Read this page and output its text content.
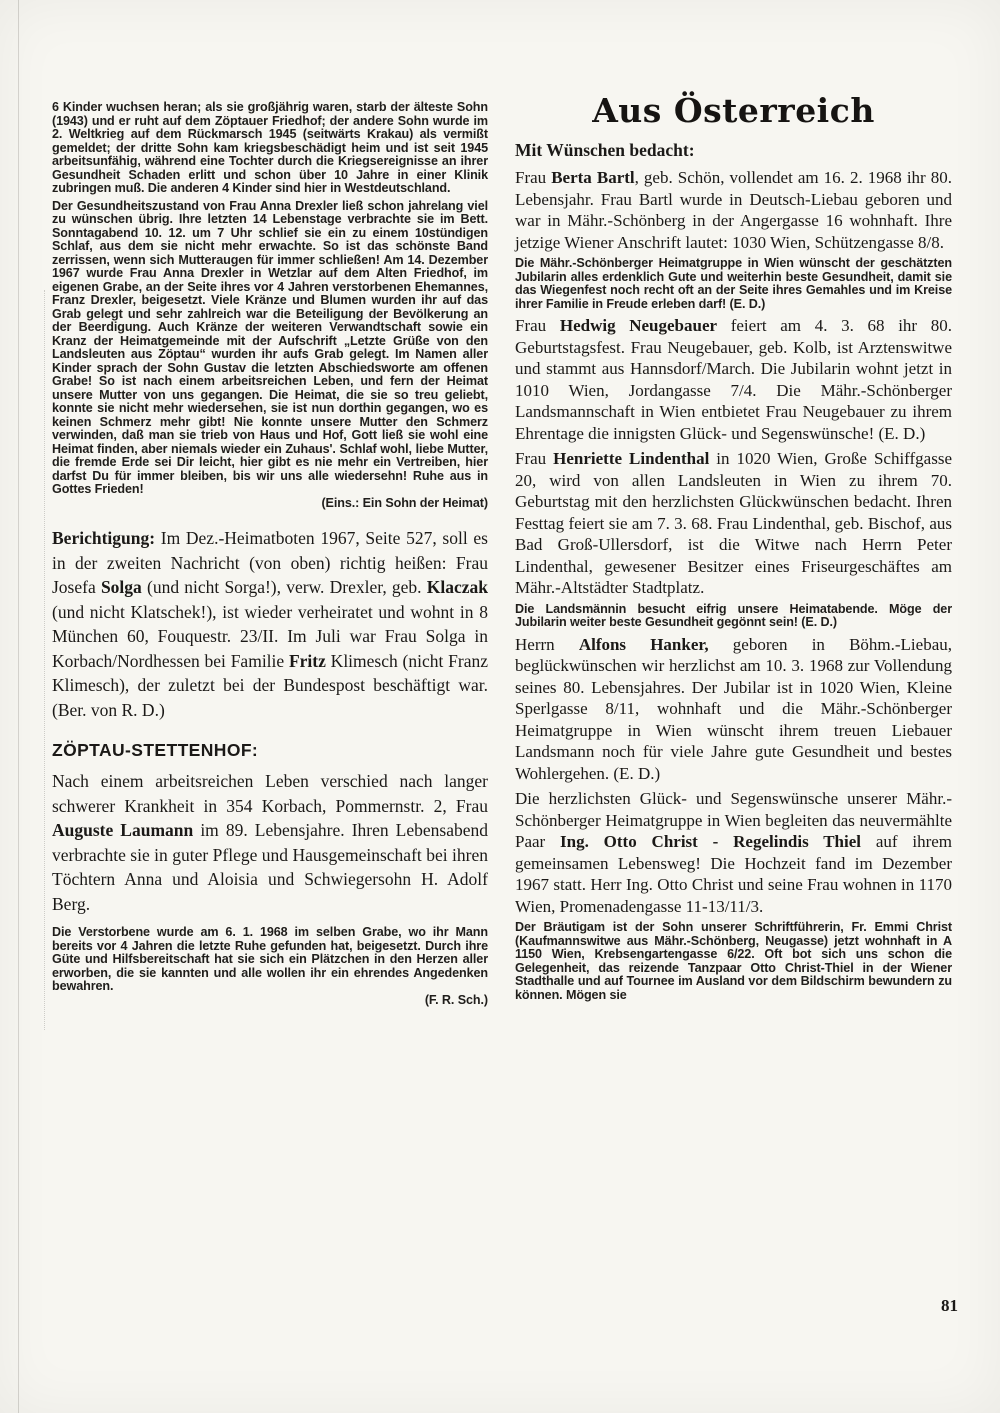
6 Kinder wuchsen heran; als sie großjährig waren, starb der älteste Sohn (1943) und er ruht auf dem Zöptauer Friedhof; der andere Sohn wurde im 2. Weltkrieg auf dem Rückmarsch 1945 (seitwärts Krakau) als vermißt gemeldet; der dritte Sohn kam kriegsbeschädigt heim und ist seit 1945 arbeitsunfähig, während eine Tochter durch die Kriegsereignisse an ihrer Gesundheit Schaden erlitt und schon über 10 Jahre in einer Klinik zubringen muß. Die anderen 4 Kinder sind hier in Westdeutschland.

Der Gesundheitszustand von Frau Anna Drexler ließ schon jahrelang viel zu wünschen übrig. Ihre letzten 14 Lebenstage verbrachte sie im Bett. Sonntagabend 10. 12. um 7 Uhr schlief sie ein zu einem 10stündigen Schlaf, aus dem sie nicht mehr erwachte. So ist das schönste Band zerrissen, wenn sich Mutteraugen für immer schließen! Am 14. Dezember 1967 wurde Frau Anna Drexler in Wetzlar auf dem Alten Friedhof, im eigenen Grabe, an der Seite ihres vor 4 Jahren verstorbenen Ehemannes, Franz Drexler, beigesetzt. Viele Kränze und Blumen wurden ihr auf das Grab gelegt und sehr zahlreich war die Beteiligung der Bevölkerung an der Beerdigung. Auch Kränze der weiteren Verwandtschaft sowie ein Kranz der Heimatgemeinde mit der Aufschrift „Letzte Grüße von den Landsleuten aus Zöptau“ wurden ihr aufs Grab gelegt. Im Namen aller Kinder sprach der Sohn Gustav die letzten Abschiedsworte am offenen Grabe! So ist nach einem arbeitsreichen Leben, und fern der Heimat unsere Mutter von uns gegangen. Die Heimat, die sie so treu geliebt, konnte sie nicht mehr wiedersehen, sie ist nun dorthin gegangen, wo es keinen Schmerz mehr gibt! Nie konnte unsere Mutter den Schmerz verwinden, daß man sie trieb von Haus und Hof, Gott ließ sie wohl eine Heimat finden, aber niemals wieder ein Zuhaus'. Schlaf wohl, liebe Mutter, die fremde Erde sei Dir leicht, hier gibt es nie mehr ein Vertreiben, hier darfst Du für immer bleiben, bis wir uns alle wiedersehn! Ruhe aus in Gottes Frieden!

(Eins.: Ein Sohn der Heimat)

Berichtigung: Im Dez.-Heimatboten 1967, Seite 527, soll es in der zweiten Nachricht (von oben) richtig heißen: Frau Josefa Solga (und nicht Sorga!), verw. Drexler, geb. Klaczak (und nicht Klatschek!), ist wieder verheiratet und wohnt in 8 München 60, Fouquestr. 23/II. Im Juli war Frau Solga in Korbach/Nordhessen bei Familie Fritz Klimesch (nicht Franz Klimesch), der zuletzt bei der Bundespost beschäftigt war. (Ber. von R. D.)

ZÖPTAU-STETTENHOF:

Nach einem arbeitsreichen Leben verschied nach langer schwerer Krankheit in 354 Korbach, Pommernstr. 2, Frau Auguste Laumann im 89. Lebensjahre. Ihren Lebensabend verbrachte sie in guter Pflege und Hausgemeinschaft bei ihren Töchtern Anna und Aloisia und Schwiegersohn H. Adolf Berg.

Die Verstorbene wurde am 6. 1. 1968 im selben Grabe, wo ihr Mann bereits vor 4 Jahren die letzte Ruhe gefunden hat, beigesetzt. Durch ihre Güte und Hilfsbereitschaft hat sie sich ein Plätzchen in den Herzen aller erworben, die sie kannten und alle wollen ihr ein ehrendes Angedenken bewahren.

(F. R. Sch.)

Aus Österreich
Mit Wünschen bedacht:

Frau Berta Bartl, geb. Schön, vollendet am 16. 2. 1968 ihr 80. Lebensjahr. Frau Bartl wurde in Deutsch-Liebau geboren und war in Mähr.-Schönberg in der Angergasse 16 wohnhaft. Ihre jetzige Wiener Anschrift lautet: 1030 Wien, Schützengasse 8/8.

Die Mähr.-Schönberger Heimatgruppe in Wien wünscht der geschätzten Jubilarin alles erdenklich Gute und weiterhin beste Gesundheit, damit sie das Wiegenfest noch recht oft an der Seite ihres Gemahles und im Kreise ihrer Familie in Freude erleben darf! (E. D.)

Frau Hedwig Neugebauer feiert am 4. 3. 68 ihr 80. Geburtstagsfest. Frau Neugebauer, geb. Kolb, ist Arztenswitwe und stammt aus Hannsdorf/March. Die Jubilarin wohnt jetzt in 1010 Wien, Jordangasse 7/4. Die Mähr.-Schönberger Landsmannschaft in Wien entbietet Frau Neugebauer zu ihrem Ehrentage die innigsten Glück- und Segenswünsche! (E. D.)

Frau Henriette Lindenthal in 1020 Wien, Große Schiffgasse 20, wird von allen Landsleuten in Wien zu ihrem 70. Geburtstag mit den herzlichsten Glückwünschen bedacht. Ihren Festtag feiert sie am 7. 3. 68. Frau Lindenthal, geb. Bischof, aus Bad Groß-Ullersdorf, ist die Witwe nach Herrn Peter Lindenthal, gewesener Besitzer eines Friseurgeschäftes am Mähr.-Altstädter Stadtplatz.

Die Landsmännin besucht eifrig unsere Heimatabende. Möge der Jubilarin weiter beste Gesundheit gegönnt sein! (E. D.)

Herrn Alfons Hanker, geboren in Böhm.-Liebau, beglückwünschen wir herzlichst am 10. 3. 1968 zur Vollendung seines 80. Lebensjahres. Der Jubilar ist in 1020 Wien, Kleine Sperlgasse 8/11, wohnhaft und die Mähr.-Schönberger Heimatgruppe in Wien wünscht ihrem treuen Liebauer Landsmann noch für viele Jahre gute Gesundheit und bestes Wohlergehen. (E. D.)

Die herzlichsten Glück- und Segenswünsche unserer Mähr.-Schönberger Heimatgruppe in Wien begleiten das neuvermählte Paar Ing. Otto Christ - Regelindis Thiel auf ihrem gemeinsamen Lebensweg! Die Hochzeit fand im Dezember 1967 statt. Herr Ing. Otto Christ und seine Frau wohnen in 1170 Wien, Promenadengasse 11-13/11/3.

Der Bräutigam ist der Sohn unserer Schriftführerin, Fr. Emmi Christ (Kaufmannswitwe aus Mähr.-Schönberg, Neugasse) jetzt wohnhaft in A 1150 Wien, Krebsengartengasse 6/22. Oft bot sich uns schon die Gelegenheit, das reizende Tanzpaar Otto Christ-Thiel in der Wiener Stadthalle und auf Tournee im Ausland vor dem Bildschirm bewundern zu können. Mögen sie

81
